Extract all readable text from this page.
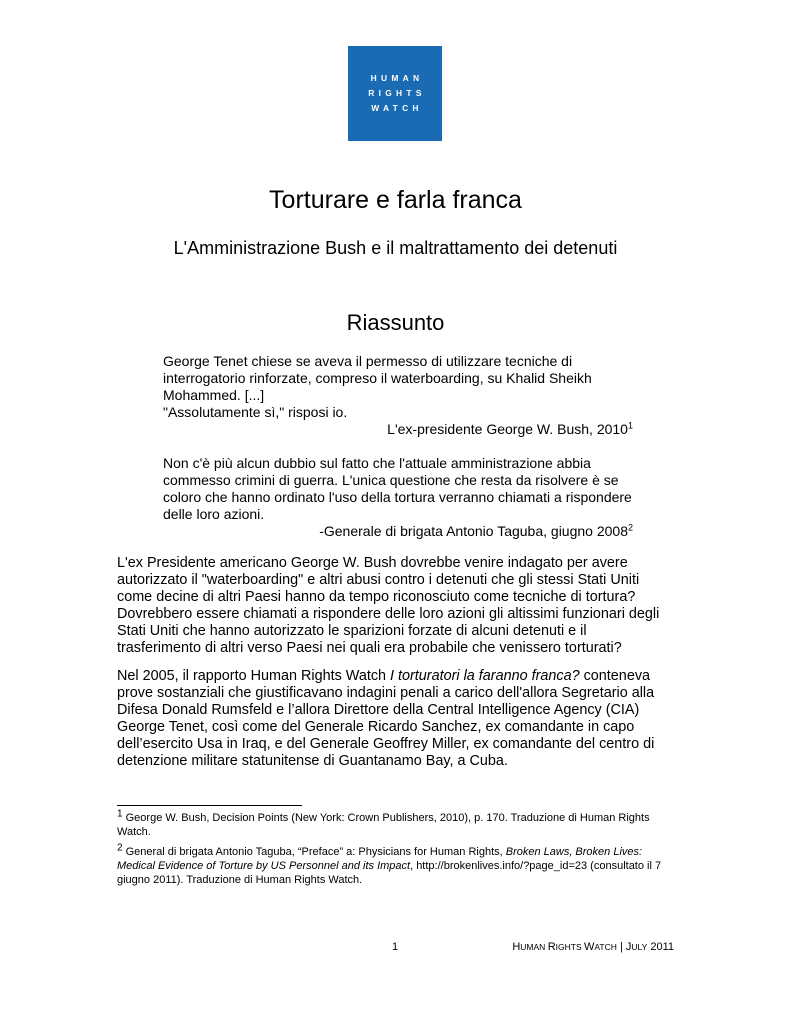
HUMAN
RIGHTS
WATCH
Torturare e farla franca
L'Amministrazione Bush e il maltrattamento dei detenuti
Riassunto

George Tenet chiese se aveva il permesso di utilizzare tecniche di interrogatorio rinforzate, compreso il waterboarding, su Khalid Sheikh Mohammed. [...]

"Assolutamente sì," risposi io.

L'ex-presidente George W. Bush, 2010$^1$

Non c'è più alcun dubbio sul fatto che l'attuale amministrazione abbia commesso crimini di guerra. L'unica questione che resta da risolvere è se coloro che hanno ordinato l'uso della tortura verranno chiamati a rispondere delle loro azioni.

-Generale di brigata Antonio Taguba, giugno 2008$^2$

L'ex Presidente americano George W. Bush dovrebbe venire indagato per avere autorizzato il "waterboarding" e altri abusi contro i detenuti che gli stessi Stati Uniti come decine di altri Paesi hanno da tempo riconosciuto come tecniche di tortura? Dovrebbero essere chiamati a rispondere delle loro azioni gli altissimi funzionari degli Stati Uniti che hanno autorizzato le sparizioni forzate di alcuni detenuti e il trasferimento di altri verso Paesi nei quali era probabile che venissero torturati?

Nel 2005, il rapporto Human Rights Watch I torturatori la faranno franca? conteneva prove sostanziali che giustificavano indagini penali a carico dell'allora Segretario alla Difesa Donald Rumsfeld e l’allora Direttore della Central Intelligence Agency (CIA) George Tenet, così come del Generale Ricardo Sanchez, ex comandante in capo dell’esercito Usa in Iraq, e del Generale Geoffrey Miller, ex comandante del centro di detenzione militare statunitense di Guantanamo Bay, a Cuba.

$^1$ George W. Bush, Decision Points (New York: Crown Publishers, 2010), p. 170. Traduzione di Human Rights Watch.

$^2$ General di brigata Antonio Taguba, “Preface” a: Physicians for Human Rights, Broken Laws, Broken Lives: Medical Evidence of Torture by US Personnel and its Impact, http://brokenlives.info/?page_id=23 (consultato il 7 giugno 2011). Traduzione di Human Rights Watch.

1	HUMAN RIGHTS WATCH | JULY 2011
